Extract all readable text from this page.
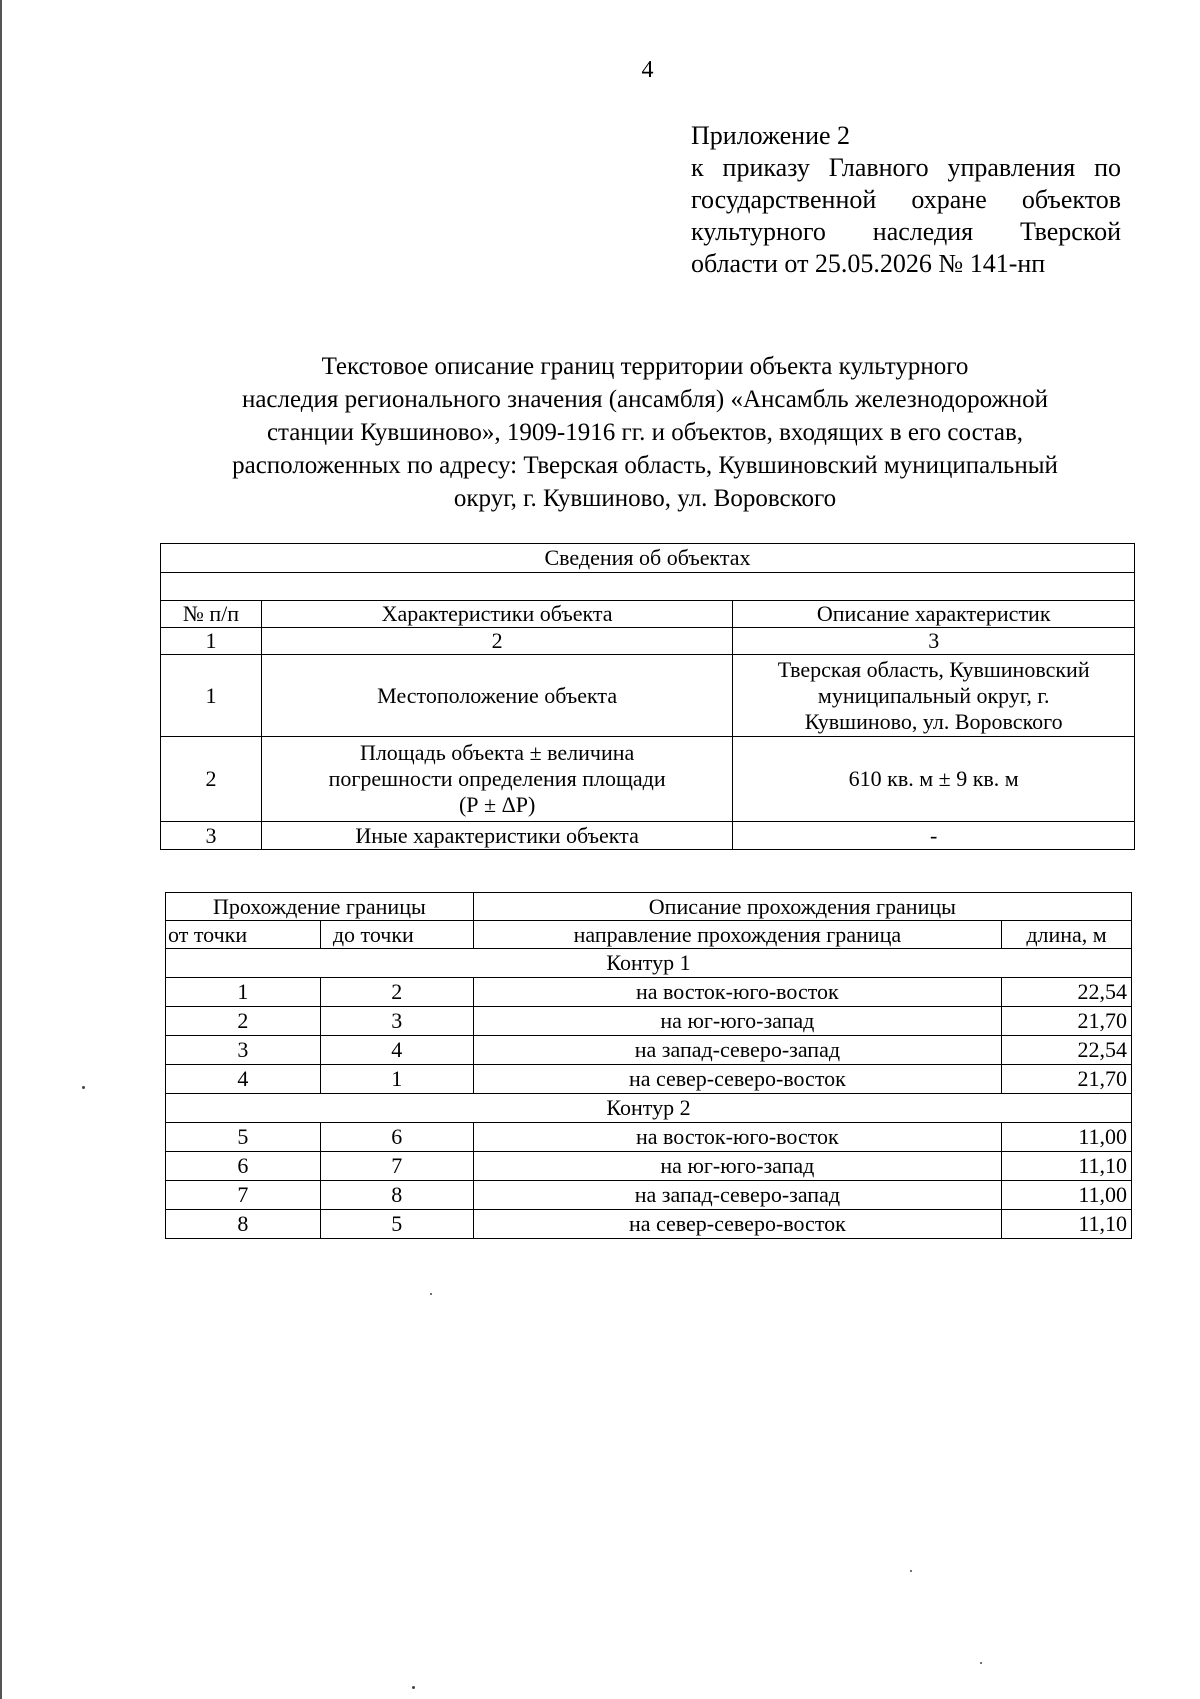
4
Приложение 2
к приказу Главного управления по
государственной охране объектов
культурного наследия Тверской
области от 25.05.2026 № 141-нп
Текстовое описание границ территории объекта культурного
наследия регионального значения (ансамбля) «Ансамбль железнодорожной
станции Кувшиново», 1909-1916 гг. и объектов, входящих в его состав,
расположенных по адресу: Тверская область, Кувшиновский муниципальный
округ, г. Кувшиново, ул. Воровского
Сведения об объектах		

№ п/п	Характеристики объекта	Описание характеристик
1	2	3
1	Местоположение объекта	Тверская область, Кувшиновский
муниципальный округ, г.
Кувшиново, ул. Воровского

2	Площадь объекта ± величина
погрешности определения площади
(Р ± ΔР)	610 кв. м ± 9 кв. м

3	Иные характеристики объекта	-
Прохождение границы		Описание прохождения границы	
от точки	до точки	направление прохождения граница	длина, м
Контур 1			
1	2	на восток-юго-восток	22,54
2	3	на юг-юго-запад	21,70
3	4	на запад-северо-запад	22,54
4	1	на север-северо-восток	21,70
Контур 2			
5	6	на восток-юго-восток	11,00
6	7	на юг-юго-запад	11,10
7	8	на запад-северо-запад	11,00
8	5	на север-северо-восток	11,10
